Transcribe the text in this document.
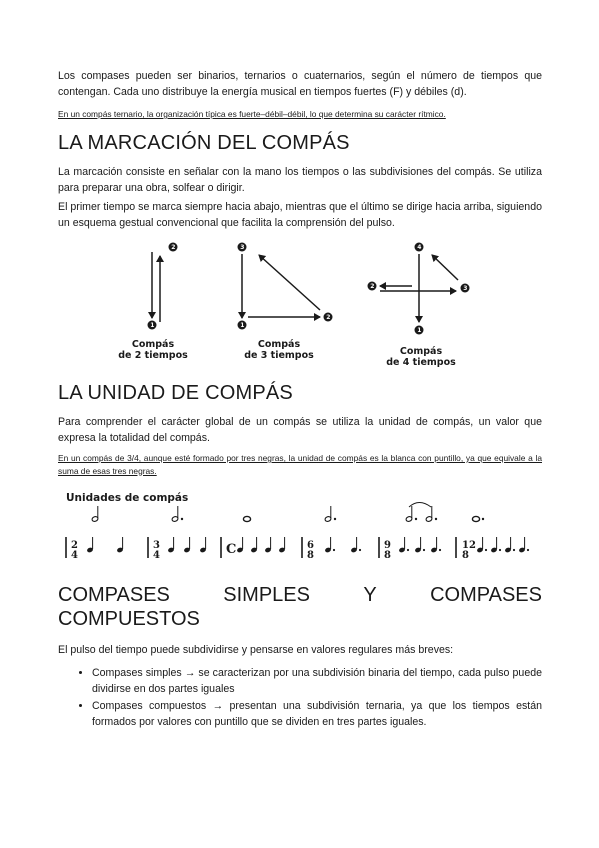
Los compases pueden ser binarios, ternarios o cuaternarios, según el número de tiempos que contengan. Cada uno distribuye la energía musical en tiempos fuertes (F) y débiles (d).

En un compás ternario, la organización típica es fuerte–débil–débil, lo que determina su carácter rítmico.

LA MARCACIÓN DEL COMPÁS

La marcación consiste en señalar con la mano los tiempos o las subdivisiones del compás. Se utiliza para preparar una obra, solfear o dirigir.

El primer tiempo se marca siempre hacia abajo, mientras que el último se dirige hacia arriba, siguiendo un esquema gestual convencional que facilita la comprensión del pulso.

1
2	3
1
2
4
1
2	3
Compás
de 2 tiempos
Compás
de 3 tiempos	Compás
de 4 tiempos
LA UNIDAD DE COMPÁS

Para comprender el carácter global de un compás se utiliza la unidad de compás, un valor que expresa la totalidad del compás.

En un compás de 3/4, aunque esté formado por tres negras, la unidad de compás es la blanca con puntillo, ya que equivale a la suma de esas tres negras.

Unidades de compás
2
4
3
4	C	6
8
9
8
12
8
COMPASES	SIMPLES	Y	COMPASES
COMPUESTOS

El pulso del tiempo puede subdividirse y pensarse en valores regulares más breves:

• Compases simples → se caracterizan por una subdivisión binaria del tiempo, cada pulso puede dividirse en dos partes iguales
• Compases compuestos → presentan una subdivisión ternaria, ya que los tiempos están formados por valores con puntillo que se dividen en tres partes iguales.
